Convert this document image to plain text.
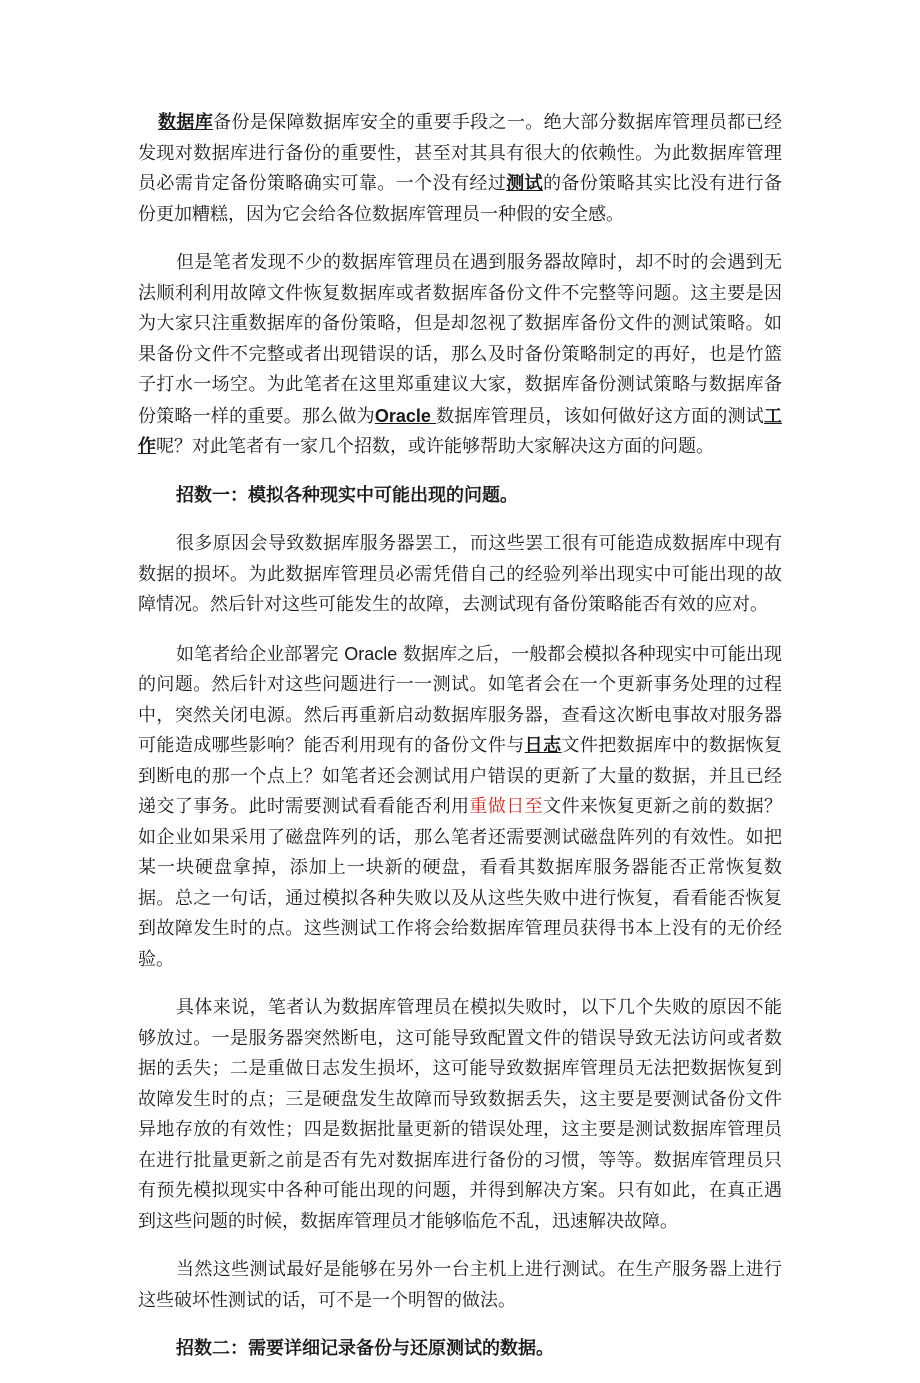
数据库备份是保障数据库安全的重要手段之一。绝大部分数据库管理员都已经发现对数据库进行备份的重要性，甚至对其具有很大的依赖性。为此数据库管理员必需肯定备份策略确实可靠。一个没有经过测试的备份策略其实比没有进行备份更加糟糕，因为它会给各位数据库管理员一种假的安全感。

但是笔者发现不少的数据库管理员在遇到服务器故障时，却不时的会遇到无法顺利利用故障文件恢复数据库或者数据库备份文件不完整等问题。这主要是因为大家只注重数据库的备份策略，但是却忽视了数据库备份文件的测试策略。如果备份文件不完整或者出现错误的话，那么及时备份策略制定的再好，也是竹篮子打水一场空。为此笔者在这里郑重建议大家，数据库备份测试策略与数据库备份策略一样的重要。那么做为Oracle 数据库管理员，该如何做好这方面的测试工作呢？对此笔者有一家几个招数，或许能够帮助大家解决这方面的问题。

招数一：模拟各种现实中可能出现的问题。

很多原因会导致数据库服务器罢工，而这些罢工很有可能造成数据库中现有数据的损坏。为此数据库管理员必需凭借自己的经验列举出现实中可能出现的故障情况。然后针对这些可能发生的故障，去测试现有备份策略能否有效的应对。

如笔者给企业部署完 Oracle 数据库之后，一般都会模拟各种现实中可能出现的问题。然后针对这些问题进行一一测试。如笔者会在一个更新事务处理的过程中，突然关闭电源。然后再重新启动数据库服务器，查看这次断电事故对服务器可能造成哪些影响？能否利用现有的备份文件与日志文件把数据库中的数据恢复到断电的那一个点上？如笔者还会测试用户错误的更新了大量的数据，并且已经递交了事务。此时需要测试看看能否利用重做日至文件来恢复更新之前的数据？如企业如果采用了磁盘阵列的话，那么笔者还需要测试磁盘阵列的有效性。如把某一块硬盘拿掉，添加上一块新的硬盘，看看其数据库服务器能否正常恢复数据。总之一句话，通过模拟各种失败以及从这些失败中进行恢复，看看能否恢复到故障发生时的点。这些测试工作将会给数据库管理员获得书本上没有的无价经验。

具体来说，笔者认为数据库管理员在模拟失败时，以下几个失败的原因不能够放过。一是服务器突然断电，这可能导致配置文件的错误导致无法访问或者数据的丢失；二是重做日志发生损坏，这可能导致数据库管理员无法把数据恢复到故障发生时的点；三是硬盘发生故障而导致数据丢失，这主要是要测试备份文件异地存放的有效性；四是数据批量更新的错误处理，这主要是测试数据库管理员在进行批量更新之前是否有先对数据库进行备份的习惯，等等。数据库管理员只有预先模拟现实中各种可能出现的问题，并得到解决方案。只有如此，在真正遇到这些问题的时候，数据库管理员才能够临危不乱，迅速解决故障。

当然这些测试最好是能够在另外一台主机上进行测试。在生产服务器上进行这些破坏性测试的话，可不是一个明智的做法。

招数二：需要详细记录备份与还原测试的数据。
